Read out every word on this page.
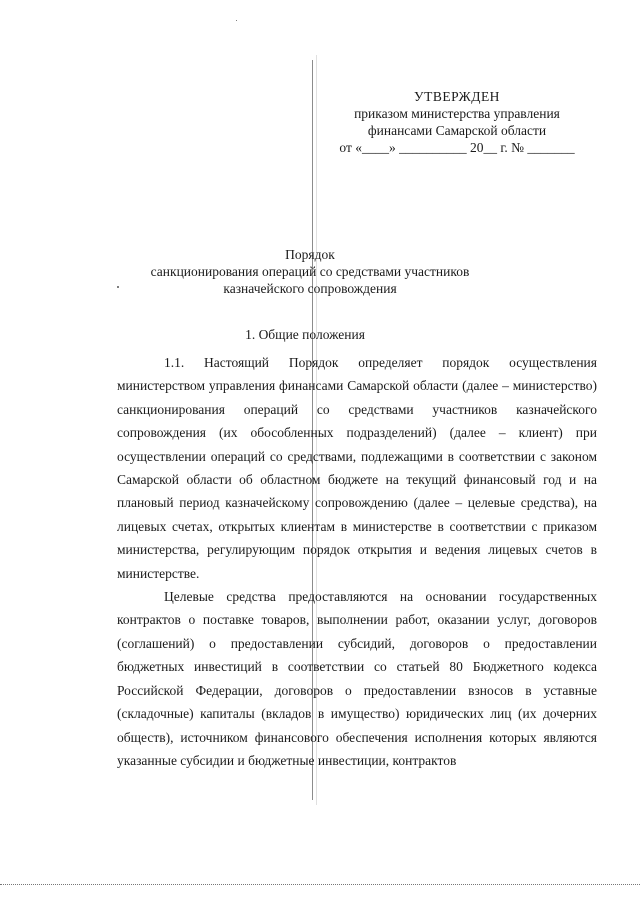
УТВЕРЖДЕН
приказом министерства управления
финансами Самарской области
от «____» __________ 20__ г. № _______
Порядок
санкционирования операций со средствами участников
казначейского сопровождения
1. Общие положения

1.1. Настоящий Порядок определяет порядок осуществления министерством управления финансами Самарской области (далее – министерство) санкционирования операций со средствами участников казначейского сопровождения (их обособленных подразделений) (далее – клиент) при осуществлении операций со средствами, подлежащими в соответствии с законом Самарской области об областном бюджете на текущий финансовый год и на плановый период казначейскому сопровождению (далее – целевые средства), на лицевых счетах, открытых клиентам в министерстве в соответствии с приказом министерства, регулирующим порядок открытия и ведения лицевых счетов в министерстве.

Целевые средства предоставляются на основании государственных контрактов о поставке товаров, выполнении работ, оказании услуг, договоров (соглашений) о предоставлении субсидий, договоров о предоставлении бюджетных инвестиций в соответствии со статьей 80 Бюджетного кодекса Российской Федерации, договоров о предоставлении взносов в уставные (складочные) капиталы (вкладов в имущество) юридических лиц (их дочерних обществ), источником финансового обеспечения исполнения которых являются указанные субсидии и бюджетные инвестиции, контрактов
